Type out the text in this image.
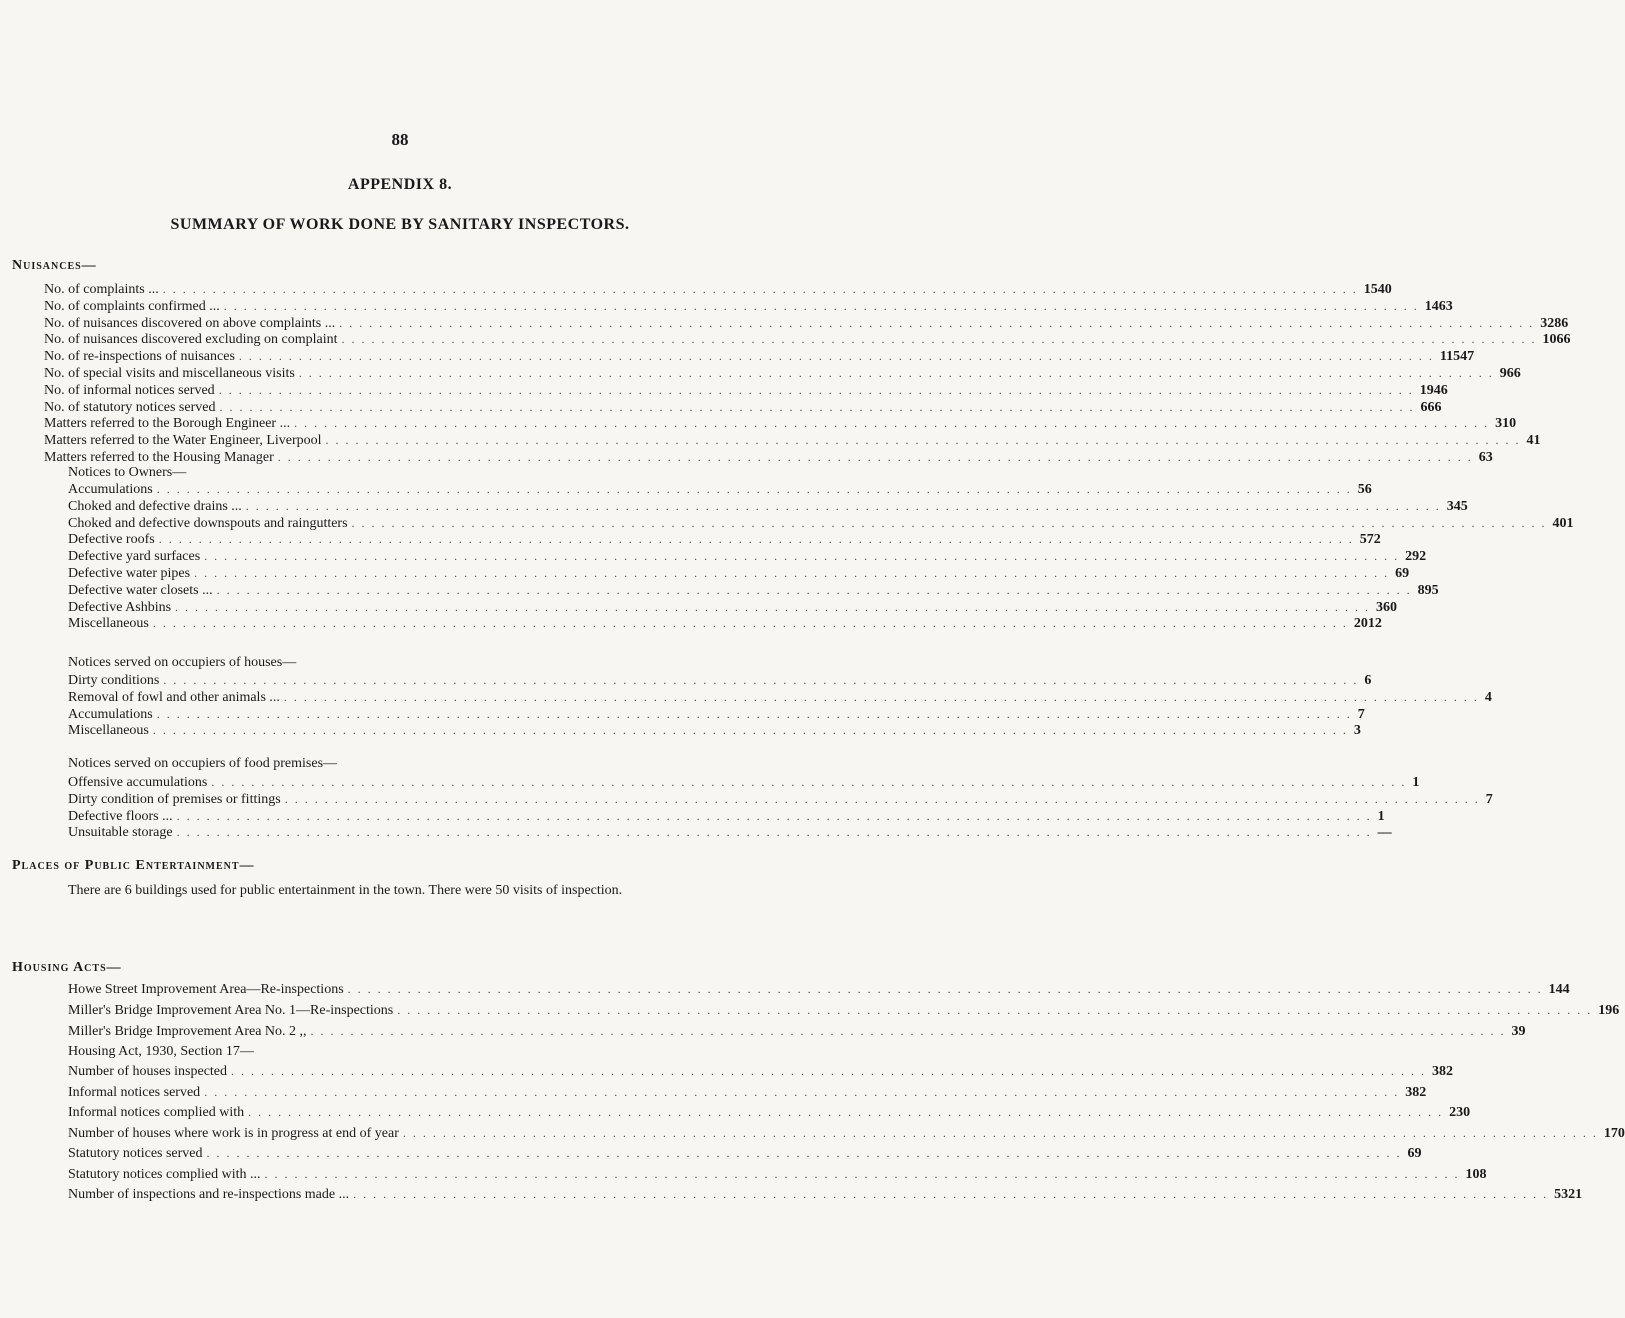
88
APPENDIX 8.
SUMMARY OF WORK DONE BY SANITARY INSPECTORS.
Nuisances—
No. of complaints ... . . . . . . . . . . . . . . . . . . . . . . . . . . . . . . . . . . . . . . . . . . . . . . . . . . . . . . . . . . . . . . . . . . . . . . . . . . . . . . . . . . . . . . . . . . . . . . . . . . . . . . . . . . . . . . . . . . . . . . . . 1540
No. of complaints confirmed ... . . . . . . . . . . . . . . . . . . . . . . . . . . . . . . . . . . . . . . . . . . . . . . . . . . . . . . . . . . . . . . . . . . . . . . . . . . . . . . . . . . . . . . . . . . . . . . . . . . . . . . . . . . . . . . . . . . . . . . . . 1463
No. of nuisances discovered on above complaints ... . . . . . . . . . . . . . . . . . . . . . . . . . . . . . . . . . . . . . . . . . . . . . . . . . . . . . . . . . . . . . . . . . . . . . . . . . . . . . . . . . . . . . . . . . . . . . . . . . . . . . . . . . . . . . . . . . . . . . . . . 3286
No. of nuisances discovered excluding on complaint . . . . . . . . . . . . . . . . . . . . . . . . . . . . . . . . . . . . . . . . . . . . . . . . . . . . . . . . . . . . . . . . . . . . . . . . . . . . . . . . . . . . . . . . . . . . . . . . . . . . . . . . . . . . . . . . . . . . . . . . 1066
No. of re-inspections of nuisances . . . . . . . . . . . . . . . . . . . . . . . . . . . . . . . . . . . . . . . . . . . . . . . . . . . . . . . . . . . . . . . . . . . . . . . . . . . . . . . . . . . . . . . . . . . . . . . . . . . . . . . . . . . . . . . . . . . . . . . . 11547
No. of special visits and miscellaneous visits . . . . . . . . . . . . . . . . . . . . . . . . . . . . . . . . . . . . . . . . . . . . . . . . . . . . . . . . . . . . . . . . . . . . . . . . . . . . . . . . . . . . . . . . . . . . . . . . . . . . . . . . . . . . . . . . . . . . . . . . 966
No. of informal notices served . . . . . . . . . . . . . . . . . . . . . . . . . . . . . . . . . . . . . . . . . . . . . . . . . . . . . . . . . . . . . . . . . . . . . . . . . . . . . . . . . . . . . . . . . . . . . . . . . . . . . . . . . . . . . . . . . . . . . . . . 1946
No. of statutory notices served . . . . . . . . . . . . . . . . . . . . . . . . . . . . . . . . . . . . . . . . . . . . . . . . . . . . . . . . . . . . . . . . . . . . . . . . . . . . . . . . . . . . . . . . . . . . . . . . . . . . . . . . . . . . . . . . . . . . . . . . 666
Matters referred to the Borough Engineer ... . . . . . . . . . . . . . . . . . . . . . . . . . . . . . . . . . . . . . . . . . . . . . . . . . . . . . . . . . . . . . . . . . . . . . . . . . . . . . . . . . . . . . . . . . . . . . . . . . . . . . . . . . . . . . . . . . . . . . . . . 310
Matters referred to the Water Engineer, Liverpool . . . . . . . . . . . . . . . . . . . . . . . . . . . . . . . . . . . . . . . . . . . . . . . . . . . . . . . . . . . . . . . . . . . . . . . . . . . . . . . . . . . . . . . . . . . . . . . . . . . . . . . . . . . . . . . . . . . . . . . . 41
Matters referred to the Housing Manager . . . . . . . . . . . . . . . . . . . . . . . . . . . . . . . . . . . . . . . . . . . . . . . . . . . . . . . . . . . . . . . . . . . . . . . . . . . . . . . . . . . . . . . . . . . . . . . . . . . . . . . . . . . . . . . . . . . . . . . . 63
Notices to Owners—
Accumulations . . . . . . . . . . . . . . . . . . . . . . . . . . . . . . . . . . . . . . . . . . . . . . . . . . . . . . . . . . . . . . . . . . . . . . . . . . . . . . . . . . . . . . . . . . . . . . . . . . . . . . . . . . . . . . . . . . . . . . . . 56
Choked and defective drains ... . . . . . . . . . . . . . . . . . . . . . . . . . . . . . . . . . . . . . . . . . . . . . . . . . . . . . . . . . . . . . . . . . . . . . . . . . . . . . . . . . . . . . . . . . . . . . . . . . . . . . . . . . . . . . . . . . . . . . . . . 345
Choked and defective downspouts and raingutters . . . . . . . . . . . . . . . . . . . . . . . . . . . . . . . . . . . . . . . . . . . . . . . . . . . . . . . . . . . . . . . . . . . . . . . . . . . . . . . . . . . . . . . . . . . . . . . . . . . . . . . . . . . . . . . . . . . . . . . . 401
Defective roofs . . . . . . . . . . . . . . . . . . . . . . . . . . . . . . . . . . . . . . . . . . . . . . . . . . . . . . . . . . . . . . . . . . . . . . . . . . . . . . . . . . . . . . . . . . . . . . . . . . . . . . . . . . . . . . . . . . . . . . . . 572
Defective yard surfaces . . . . . . . . . . . . . . . . . . . . . . . . . . . . . . . . . . . . . . . . . . . . . . . . . . . . . . . . . . . . . . . . . . . . . . . . . . . . . . . . . . . . . . . . . . . . . . . . . . . . . . . . . . . . . . . . . . . . . . . . 292
Defective water pipes . . . . . . . . . . . . . . . . . . . . . . . . . . . . . . . . . . . . . . . . . . . . . . . . . . . . . . . . . . . . . . . . . . . . . . . . . . . . . . . . . . . . . . . . . . . . . . . . . . . . . . . . . . . . . . . . . . . . . . . . 69
Defective water closets ... . . . . . . . . . . . . . . . . . . . . . . . . . . . . . . . . . . . . . . . . . . . . . . . . . . . . . . . . . . . . . . . . . . . . . . . . . . . . . . . . . . . . . . . . . . . . . . . . . . . . . . . . . . . . . . . . . . . . . . . . 895
Defective Ashbins . . . . . . . . . . . . . . . . . . . . . . . . . . . . . . . . . . . . . . . . . . . . . . . . . . . . . . . . . . . . . . . . . . . . . . . . . . . . . . . . . . . . . . . . . . . . . . . . . . . . . . . . . . . . . . . . . . . . . . . . 360
Miscellaneous . . . . . . . . . . . . . . . . . . . . . . . . . . . . . . . . . . . . . . . . . . . . . . . . . . . . . . . . . . . . . . . . . . . . . . . . . . . . . . . . . . . . . . . . . . . . . . . . . . . . . . . . . . . . . . . . . . . . . . . . 2012
Notices served on occupiers of houses—
Dirty conditions . . . . . . . . . . . . . . . . . . . . . . . . . . . . . . . . . . . . . . . . . . . . . . . . . . . . . . . . . . . . . . . . . . . . . . . . . . . . . . . . . . . . . . . . . . . . . . . . . . . . . . . . . . . . . . . . . . . . . . . . 6
Removal of fowl and other animals ... . . . . . . . . . . . . . . . . . . . . . . . . . . . . . . . . . . . . . . . . . . . . . . . . . . . . . . . . . . . . . . . . . . . . . . . . . . . . . . . . . . . . . . . . . . . . . . . . . . . . . . . . . . . . . . . . . . . . . . . . 4
Accumulations . . . . . . . . . . . . . . . . . . . . . . . . . . . . . . . . . . . . . . . . . . . . . . . . . . . . . . . . . . . . . . . . . . . . . . . . . . . . . . . . . . . . . . . . . . . . . . . . . . . . . . . . . . . . . . . . . . . . . . . . 7
Miscellaneous . . . . . . . . . . . . . . . . . . . . . . . . . . . . . . . . . . . . . . . . . . . . . . . . . . . . . . . . . . . . . . . . . . . . . . . . . . . . . . . . . . . . . . . . . . . . . . . . . . . . . . . . . . . . . . . . . . . . . . . . 3
Notices served on occupiers of food premises—
Offensive accumulations . . . . . . . . . . . . . . . . . . . . . . . . . . . . . . . . . . . . . . . . . . . . . . . . . . . . . . . . . . . . . . . . . . . . . . . . . . . . . . . . . . . . . . . . . . . . . . . . . . . . . . . . . . . . . . . . . . . . . . . . 1
Dirty condition of premises or fittings . . . . . . . . . . . . . . . . . . . . . . . . . . . . . . . . . . . . . . . . . . . . . . . . . . . . . . . . . . . . . . . . . . . . . . . . . . . . . . . . . . . . . . . . . . . . . . . . . . . . . . . . . . . . . . . . . . . . . . . . 7
Defective floors ... . . . . . . . . . . . . . . . . . . . . . . . . . . . . . . . . . . . . . . . . . . . . . . . . . . . . . . . . . . . . . . . . . . . . . . . . . . . . . . . . . . . . . . . . . . . . . . . . . . . . . . . . . . . . . . . . . . . . . . . . 1
Unsuitable storage . . . . . . . . . . . . . . . . . . . . . . . . . . . . . . . . . . . . . . . . . . . . . . . . . . . . . . . . . . . . . . . . . . . . . . . . . . . . . . . . . . . . . . . . . . . . . . . . . . . . . . . . . . . . . . . . . . . . . . . . —
Places of Public Entertainment—
There are 6 buildings used for public entertainment in the town. There were 50 visits of inspection.
Housing Acts—
Howe Street Improvement Area—Re-inspections . . . . . . . . . . . . . . . . . . . . . . . . . . . . . . . . . . . . . . . . . . . . . . . . . . . . . . . . . . . . . . . . . . . . . . . . . . . . . . . . . . . . . . . . . . . . . . . . . . . . . . . . . . . . . . . . . . . . . . . . 144
Miller's Bridge Improvement Area No. 1—Re-inspections . . . . . . . . . . . . . . . . . . . . . . . . . . . . . . . . . . . . . . . . . . . . . . . . . . . . . . . . . . . . . . . . . . . . . . . . . . . . . . . . . . . . . . . . . . . . . . . . . . . . . . . . . . . . . . . . . . . . . . . . 196
Miller's Bridge Improvement Area No. 2 ,, . . . . . . . . . . . . . . . . . . . . . . . . . . . . . . . . . . . . . . . . . . . . . . . . . . . . . . . . . . . . . . . . . . . . . . . . . . . . . . . . . . . . . . . . . . . . . . . . . . . . . . . . . . . . . . . . . . . . . . . . 39
Housing Act, 1930, Section 17—
Number of houses inspected . . . . . . . . . . . . . . . . . . . . . . . . . . . . . . . . . . . . . . . . . . . . . . . . . . . . . . . . . . . . . . . . . . . . . . . . . . . . . . . . . . . . . . . . . . . . . . . . . . . . . . . . . . . . . . . . . . . . . . . . 382
Informal notices served . . . . . . . . . . . . . . . . . . . . . . . . . . . . . . . . . . . . . . . . . . . . . . . . . . . . . . . . . . . . . . . . . . . . . . . . . . . . . . . . . . . . . . . . . . . . . . . . . . . . . . . . . . . . . . . . . . . . . . . . 382
Informal notices complied with . . . . . . . . . . . . . . . . . . . . . . . . . . . . . . . . . . . . . . . . . . . . . . . . . . . . . . . . . . . . . . . . . . . . . . . . . . . . . . . . . . . . . . . . . . . . . . . . . . . . . . . . . . . . . . . . . . . . . . . . 230
Number of houses where work is in progress at end of year . . . . . . . . . . . . . . . . . . . . . . . . . . . . . . . . . . . . . . . . . . . . . . . . . . . . . . . . . . . . . . . . . . . . . . . . . . . . . . . . . . . . . . . . . . . . . . . . . . . . . . . . . . . . . . . . . . . . . . . . 170
Statutory notices served . . . . . . . . . . . . . . . . . . . . . . . . . . . . . . . . . . . . . . . . . . . . . . . . . . . . . . . . . . . . . . . . . . . . . . . . . . . . . . . . . . . . . . . . . . . . . . . . . . . . . . . . . . . . . . . . . . . . . . . . 69
Statutory notices complied with ... . . . . . . . . . . . . . . . . . . . . . . . . . . . . . . . . . . . . . . . . . . . . . . . . . . . . . . . . . . . . . . . . . . . . . . . . . . . . . . . . . . . . . . . . . . . . . . . . . . . . . . . . . . . . . . . . . . . . . . . . 108
Number of inspections and re-inspections made ... . . . . . . . . . . . . . . . . . . . . . . . . . . . . . . . . . . . . . . . . . . . . . . . . . . . . . . . . . . . . . . . . . . . . . . . . . . . . . . . . . . . . . . . . . . . . . . . . . . . . . . . . . . . . . . . . . . . . . . . . 5321
